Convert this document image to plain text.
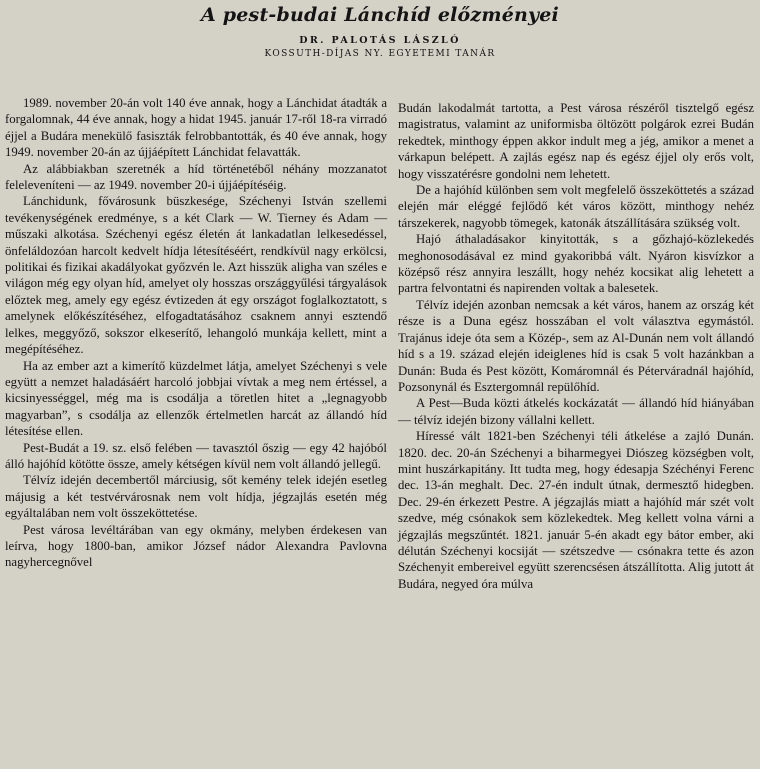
A pest-budai Lánchíd előzményei
DR. PALOTÁS LÁSZLÓ
KOSSUTH-DÍJAS NY. EGYETEMI TANÁR

1989. november 20-án volt 140 éve annak, hogy a Lánchidat átadták a forgalomnak, 44 éve annak, hogy a hidat 1945. január 17-ről 18-ra virradó éjjel a Budára menekülő fasiszták felrobbantották, és 40 éve annak, hogy 1949. november 20-án az újjáépített Lánchidat felavatták.

Az alábbiakban szeretnék a híd történetéből néhány mozzanatot feleleveníteni — az 1949. november 20-i újjáépítéséig.

Lánchidunk, fővárosunk büszkesége, Széchenyi István szellemi tevékenységének eredménye, s a két Clark — W. Tierney és Adam — műszaki alkotása. Széchenyi egész életén át lankadatlan lelkesedéssel, önfeláldozóan harcolt kedvelt hídja létesítéséért, rendkívül nagy erkölcsi, politikai és fizikai akadályokat győzvén le. Azt hisszük aligha van széles e világon még egy olyan híd, amelyet oly hosszas országgyűlési tárgyalások előztek meg, amely egy egész évtizeden át egy országot foglalkoztatott, s amelynek előkészítéséhez, elfogadtatásához csaknem annyi esztendő lelkes, meggyőző, sokszor elkeserítő, lehangoló munkája kellett, mint a megépítéséhez.

Ha az ember azt a kimerítő küzdelmet látja, amelyet Széchenyi s vele együtt a nemzet haladásáért harcoló jobbjai vívtak a meg nem értéssel, a kicsinyességgel, még ma is csodálja a töretlen hitet a „legnagyobb magyarban”, s csodálja az ellenzők értelmetlen harcát az állandó híd létesítése ellen.

Pest-Budát a 19. sz. első felében — tavasztól őszig — egy 42 hajóból álló hajóhíd kötötte össze, amely kétségen kívül nem volt állandó jellegű.

Télvíz idején decembertől márciusig, sőt kemény telek idején esetleg májusig a két testvérvárosnak nem volt hídja, jégzajlás esetén még egyáltalában nem volt összeköttetése.

Pest városa levéltárában van egy okmány, melyben érdekesen van leírva, hogy 1800-ban, amikor József nádor Alexandra Pavlovna nagyhercegnővel

Budán lakodalmát tartotta, a Pest városa részéről tisztelgő egész magistratus, valamint az uniformisba öltözött polgárok ezrei Budán rekedtek, minthogy éppen akkor indult meg a jég, amikor a menet a várkapun belépett. A zajlás egész nap és egész éjjel oly erős volt, hogy visszatérésre gondolni nem lehetett.

De a hajóhíd különben sem volt megfelelő összeköttetés a század elején már eléggé fejlődő két város között, minthogy nehéz társzekerek, nagyobb tömegek, katonák átszállítására szükség volt.

Hajó áthaladásakor kinyitották, s a gőzhajó-közlekedés meghonosodásával ez mind gyakoribbá vált. Nyáron kisvízkor a középső rész annyira leszállt, hogy nehéz kocsikat alig lehetett a partra felvontatni és napirenden voltak a balesetek.

Télvíz idején azonban nemcsak a két város, hanem az ország két része is a Duna egész hosszában el volt választva egymástól. Trajánus ideje óta sem a Közép-, sem az Al-Dunán nem volt állandó híd s a 19. század elején ideiglenes híd is csak 5 volt hazánkban a Dunán: Buda és Pest között, Komáromnál és Péterváradnál hajóhíd, Pozsonynál és Esztergomnál repülőhíd.

A Pest—Buda közti átkelés kockázatát — állandó híd hiányában — télvíz idején bizony vállalni kellett.

Híressé vált 1821-ben Széchenyi téli átkelése a zajló Dunán. 1820. dec. 20-án Széchenyi a biharmegyei Diószeg községben volt, mint huszárkapitány. Itt tudta meg, hogy édesapja Széchényi Ferenc dec. 13-án meghalt. Dec. 27-én indult útnak, dermesztő hidegben. Dec. 29-én érkezett Pestre. A jégzajlás miatt a hajóhíd már szét volt szedve, még csónakok sem közlekedtek. Meg kellett volna várni a jégzajlás megszűntét. 1821. január 5-én akadt egy bátor ember, aki délután Széchenyi kocsiját — szétszedve — csónakra tette és azon Széchenyit embereivel együtt szerencsésen átszállította. Alig jutott át Budára, negyed óra múlva
